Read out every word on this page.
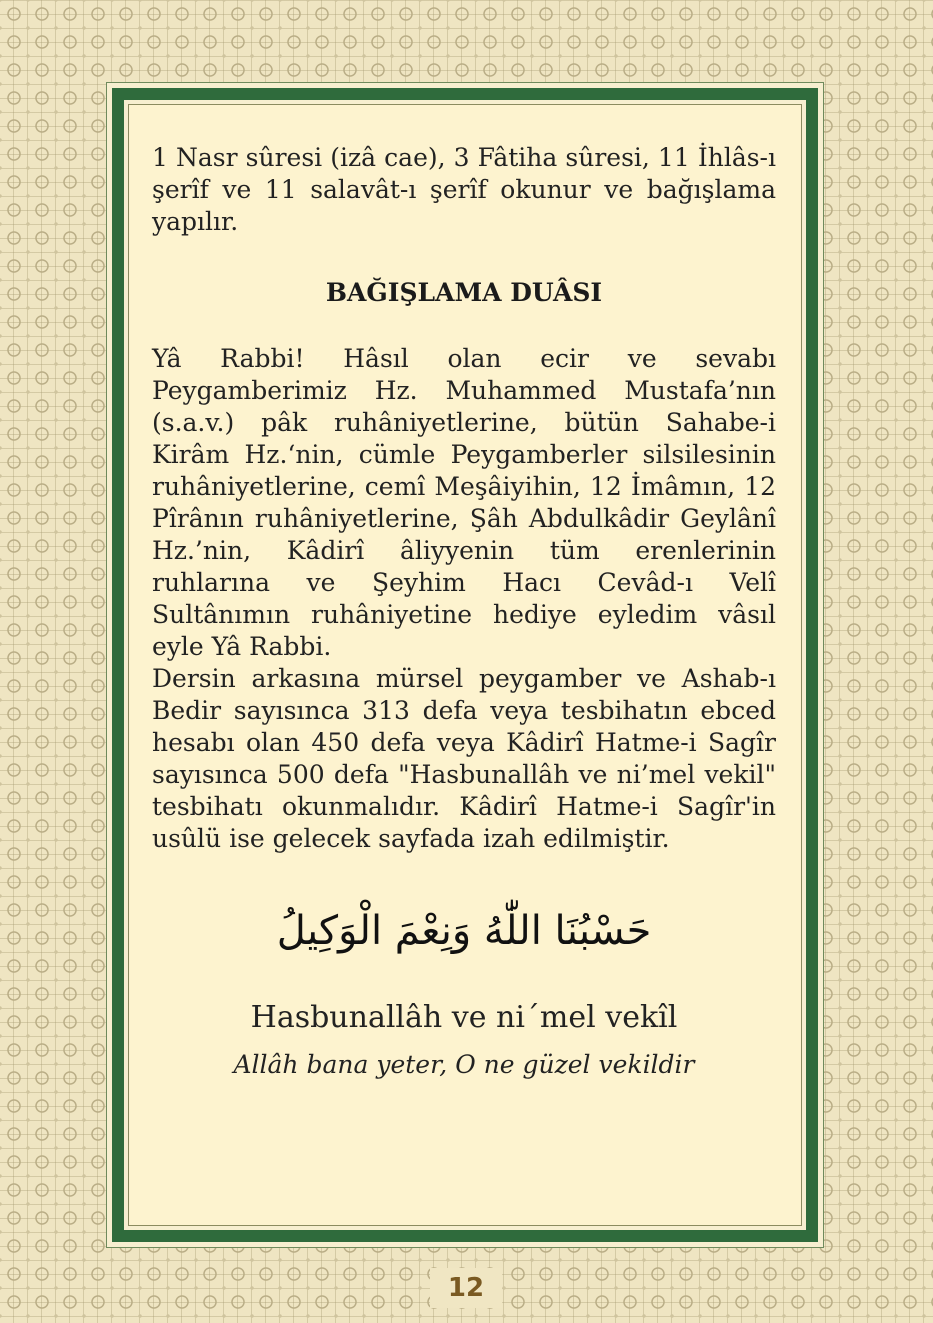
1 Nasr sûresi (izâ cae), 3 Fâtiha sûresi, 11 İhlâs-ı şerîf ve 11 salavât-ı şerîf okunur ve bağışlama yapılır.

BAĞIŞLAMA DUÂSI

Yâ Rabbi! Hâsıl olan ecir ve sevabı Peygamberimiz Hz. Muhammed Mustafa’nın (s.a.v.) pâk ruhâniyetlerine, bütün Sahabe-i Kirâm Hz.‘nin, cümle Peygamberler silsilesinin ruhâniyetlerine, cemî Meşâiyihin, 12 İmâmın, 12 Pîrânın ruhâniyetlerine, Şâh Abdulkâdir Geylânî Hz.’nin, Kâdirî âliyyenin tüm erenlerinin ruhlarına ve Şeyhim Hacı Cevâd-ı Velî Sultânımın ruhâniyetine hediye eyledim vâsıl eyle Yâ Rabbi.

Dersin arkasına mürsel peygamber ve Ashab-ı Bedir sayısınca 313 defa veya tesbihatın ebced hesabı olan 450 defa veya Kâdirî Hatme-i Sagîr sayısınca 500 defa "Hasbunallâh ve ni’mel vekil" tesbihatı okunmalıdır. Kâdirî Hatme-i Sagîr'in usûlü ise gelecek sayfada izah edilmiştir.

حَسْبُنَا اللّٰهُ وَنِعْمَ الْوَكِيلُ
Hasbunallâh ve ni´mel vekîl
Allâh bana yeter, O ne güzel vekildir
12
